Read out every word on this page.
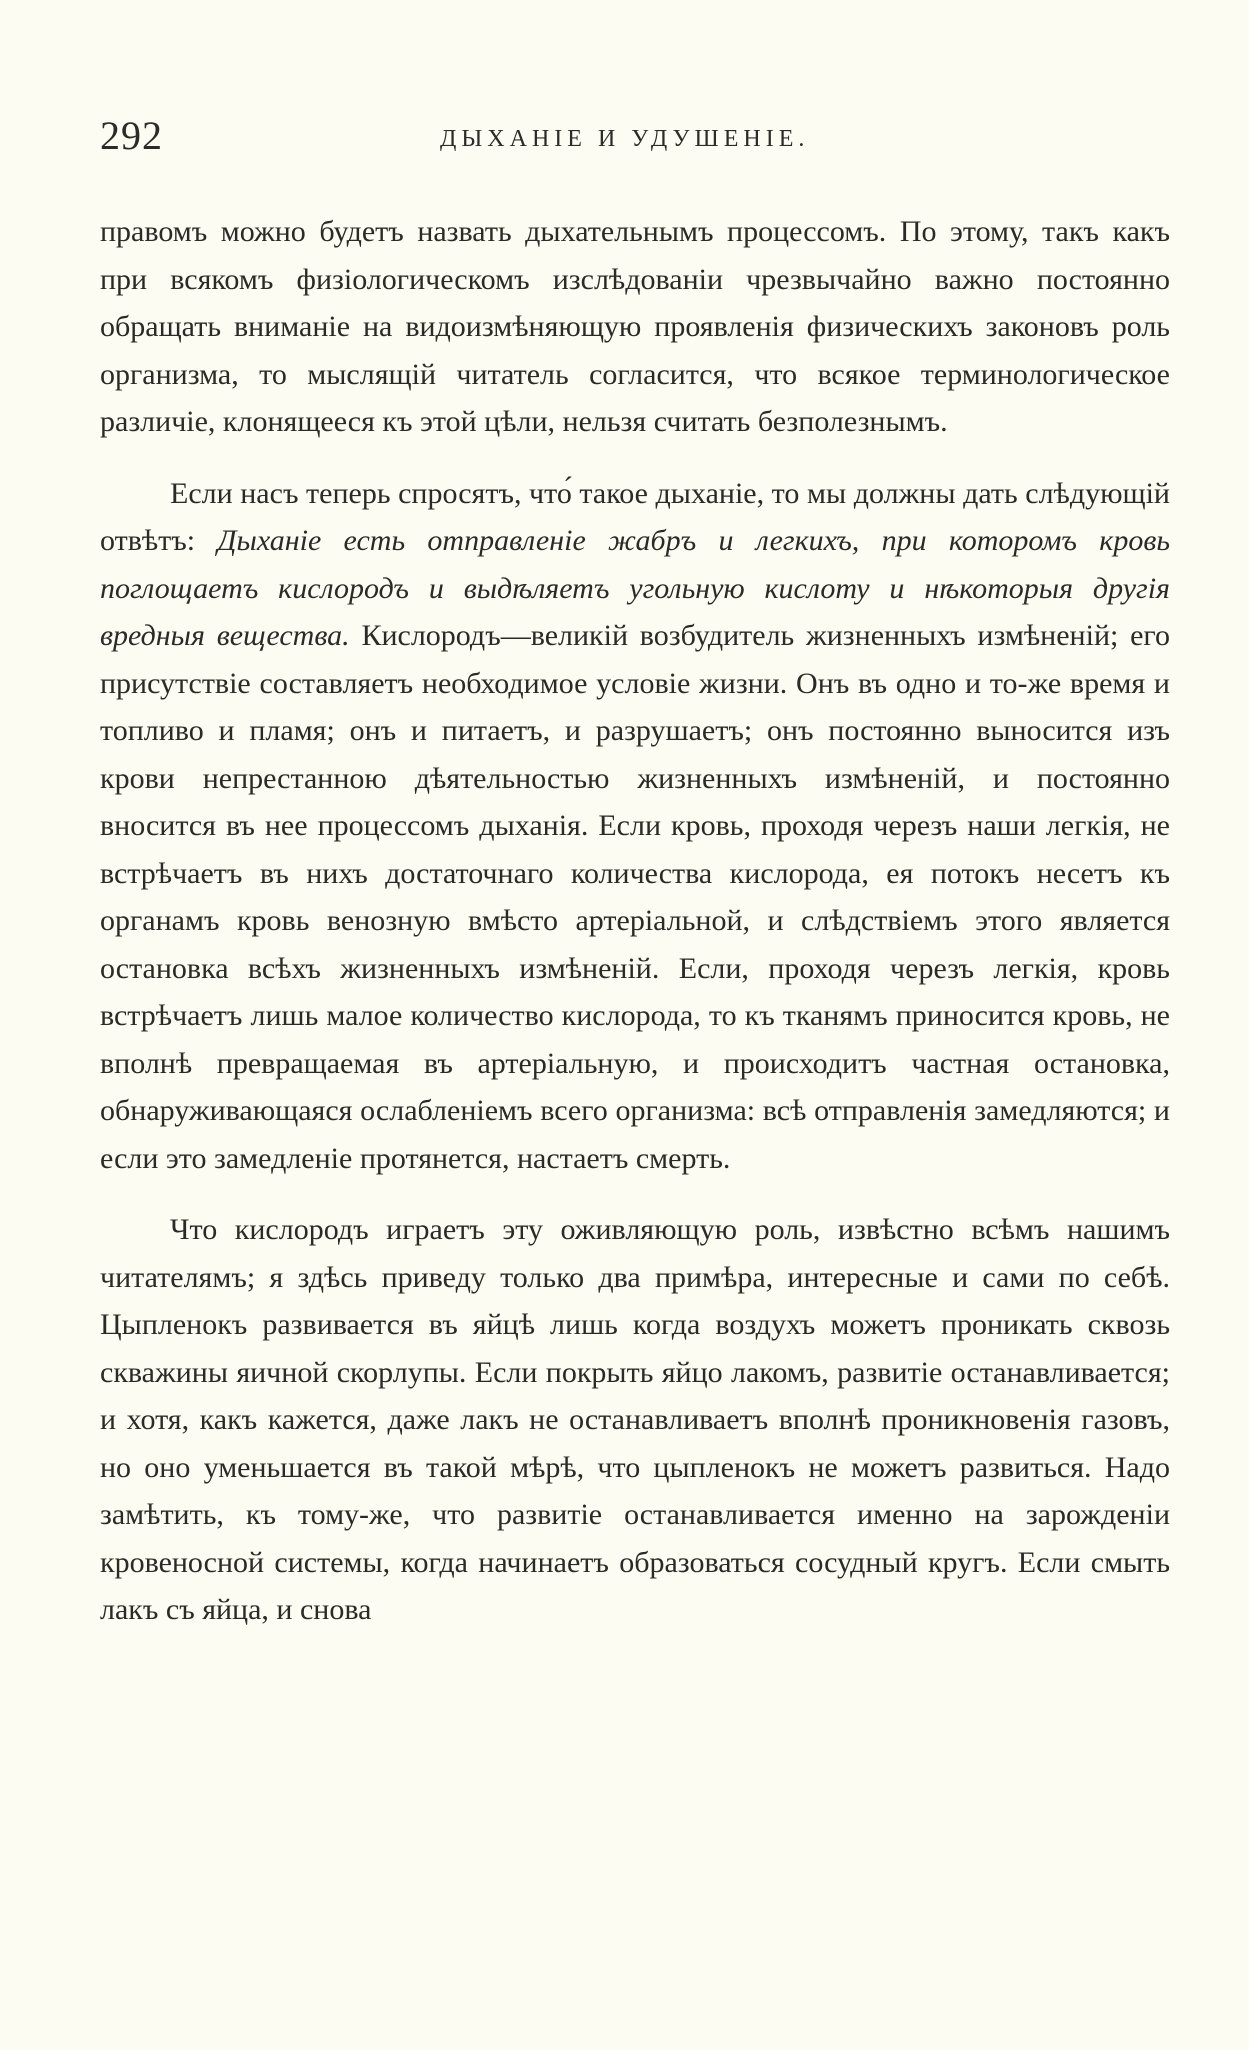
292	ДЫХАНІЕ И УДУШЕНІЕ.

правомъ можно будетъ назвать дыхательнымъ процессомъ. По этому, такъ какъ при всякомъ физіологическомъ изслѣдованіи чрезвычайно важно постоянно обращать вниманіе на видоизмѣняющую проявленія физическихъ законовъ роль организма, то мыслящій читатель согласится, что всякое терминологическое различіе, клонящееся къ этой цѣли, нельзя считать безполезнымъ.

Если насъ теперь спросятъ, что́ такое дыханіе, то мы должны дать слѣдующій отвѣтъ: Дыханіе есть отправленіе жабръ и легкихъ, при которомъ кровь поглощаетъ кислородъ и выдѣляетъ угольную кислоту и нѣкоторыя другія вредныя вещества. Кислородъ—великій возбудитель жизненныхъ измѣненій; его присутствіе составляетъ необходимое условіе жизни. Онъ въ одно и то-же время и топливо и пламя; онъ и питаетъ, и разрушаетъ; онъ постоянно выносится изъ крови непрестанною дѣятельностью жизненныхъ измѣненій, и постоянно вносится въ нее процессомъ дыханія. Если кровь, проходя черезъ наши легкія, не встрѣчаетъ въ нихъ достаточнаго количества кислорода, ея потокъ несетъ къ органамъ кровь венозную вмѣсто артеріальной, и слѣдствіемъ этого является остановка всѣхъ жизненныхъ измѣненій. Если, проходя черезъ легкія, кровь встрѣчаетъ лишь малое количество кислорода, то къ тканямъ приносится кровь, не вполнѣ превращаемая въ артеріальную, и происходитъ частная остановка, обнаруживающаяся ослабленіемъ всего организма: всѣ отправленія замедляются; и если это замедленіе протянется, настаетъ смерть.

Что кислородъ играетъ эту оживляющую роль, извѣстно всѣмъ нашимъ читателямъ; я здѣсь приведу только два примѣра, интересные и сами по себѣ. Цыпленокъ развивается въ яйцѣ лишь когда воздухъ можетъ проникать сквозь скважины яичной скорлупы. Если покрыть яйцо лакомъ, развитіе останавливается; и хотя, какъ кажется, даже лакъ не останавливаетъ вполнѣ проникновенія газовъ, но оно уменьшается въ такой мѣрѣ, что цыпленокъ не можетъ развиться. Надо замѣтить, къ тому-же, что развитіе останавливается именно на зарожденіи кровеносной системы, когда начинаетъ образоваться сосудный кругъ. Если смыть лакъ съ яйца, и снова
